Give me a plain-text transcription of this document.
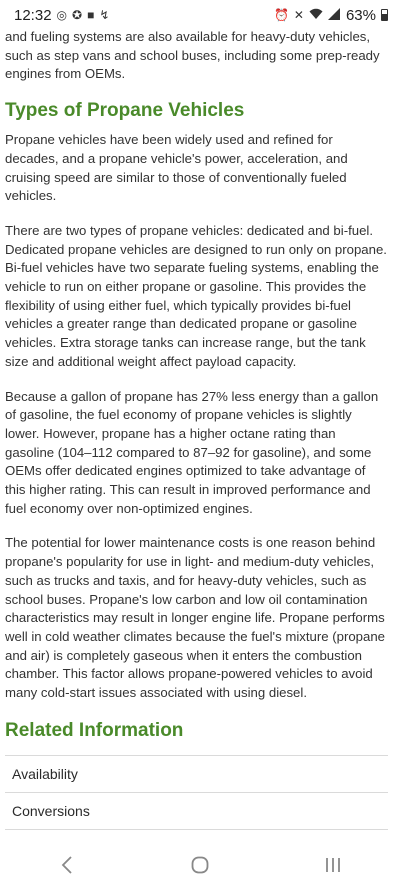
12:32 ◎ ✪ ■ ↯	⏰ ✕	63%

and fueling systems are also available for heavy-duty vehicles, such as step vans and school buses, including some prep-ready engines from OEMs.

Types of Propane Vehicles

Propane vehicles have been widely used and refined for decades, and a propane vehicle's power, acceleration, and cruising speed are similar to those of conventionally fueled vehicles.

There are two types of propane vehicles: dedicated and bi-fuel. Dedicated propane vehicles are designed to run only on propane. Bi-fuel vehicles have two separate fueling systems, enabling the vehicle to run on either propane or gasoline. This provides the flexibility of using either fuel, which typically provides bi-fuel vehicles a greater range than dedicated propane or gasoline vehicles. Extra storage tanks can increase range, but the tank size and additional weight affect payload capacity.

Because a gallon of propane has 27% less energy than a gallon of gasoline, the fuel economy of propane vehicles is slightly lower. However, propane has a higher octane rating than gasoline (104–112 compared to 87–92 for gasoline), and some OEMs offer dedicated engines optimized to take advantage of this higher rating. This can result in improved performance and fuel economy over non-optimized engines.

The potential for lower maintenance costs is one reason behind propane's popularity for use in light- and medium-duty vehicles, such as trucks and taxis, and for heavy-duty vehicles, such as school buses. Propane's low carbon and low oil contamination characteristics may result in longer engine life. Propane performs well in cold weather climates because the fuel's mixture (propane and air) is completely gaseous when it enters the combustion chamber. This factor allows propane-powered vehicles to avoid many cold-start issues associated with using diesel.

Related Information
Availability
Conversions
